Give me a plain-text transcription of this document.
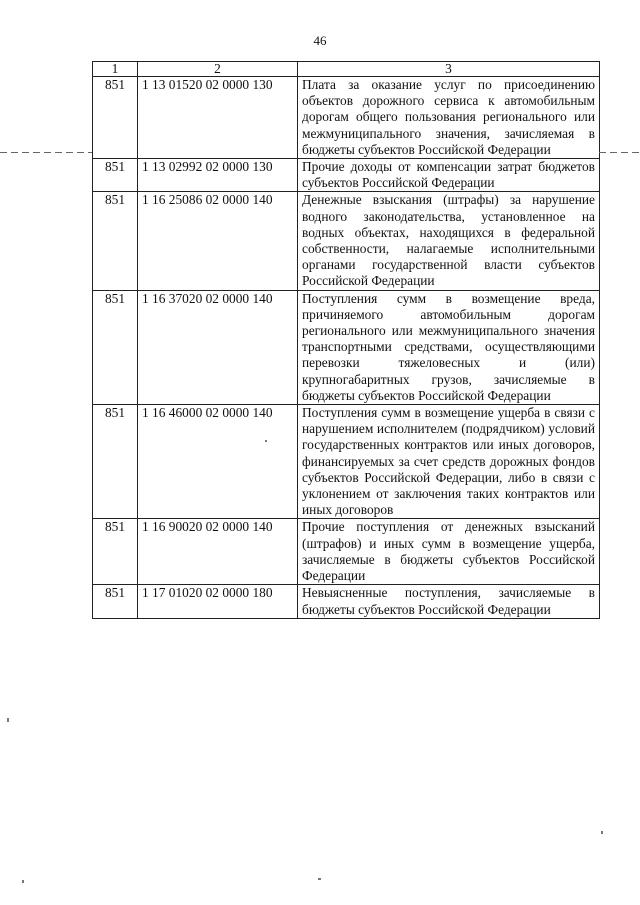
46
1	2	3
851	1 13 01520 02 0000 130	Плата за оказание услуг по присоединению объектов дорожного сервиса к автомобильным дорогам общего пользования регионального или межмуниципального значения, зачисляемая в бюджеты субъектов Российской Федерации
851	1 13 02992 02 0000 130	Прочие доходы от компенсации затрат бюджетов субъектов Российской Федерации
851	1 16 25086 02 0000 140	Денежные взыскания (штрафы) за нарушение водного законодательства, установленное на водных объектах, находящихся в федеральной собственности, налагаемые исполнительными органами государственной власти субъектов Российской Федерации
851	1 16 37020 02 0000 140	Поступления сумм в возмещение вреда, причиняемого автомобильным дорогам регионального или межмуниципального значения транспортными средствами, осуществляющими перевозки тяжеловесных и (или) крупногабаритных грузов, зачисляемые в бюджеты субъектов Российской Федерации
851	1 16 46000 02 0000 140	Поступления сумм в возмещение ущерба в связи с нарушением исполнителем (подрядчиком) условий государственных контрактов или иных договоров, финансируемых за счет средств дорожных фондов субъектов Российской Федерации, либо в связи с уклонением от заключения таких контрактов или иных договоров
851	1 16 90020 02 0000 140	Прочие поступления от денежных взысканий (штрафов) и иных сумм в возмещение ущерба, зачисляемые в бюджеты субъектов Российской Федерации
851	1 17 01020 02 0000 180	Невыясненные поступления, зачисляемые в бюджеты субъектов Российской Федерации
